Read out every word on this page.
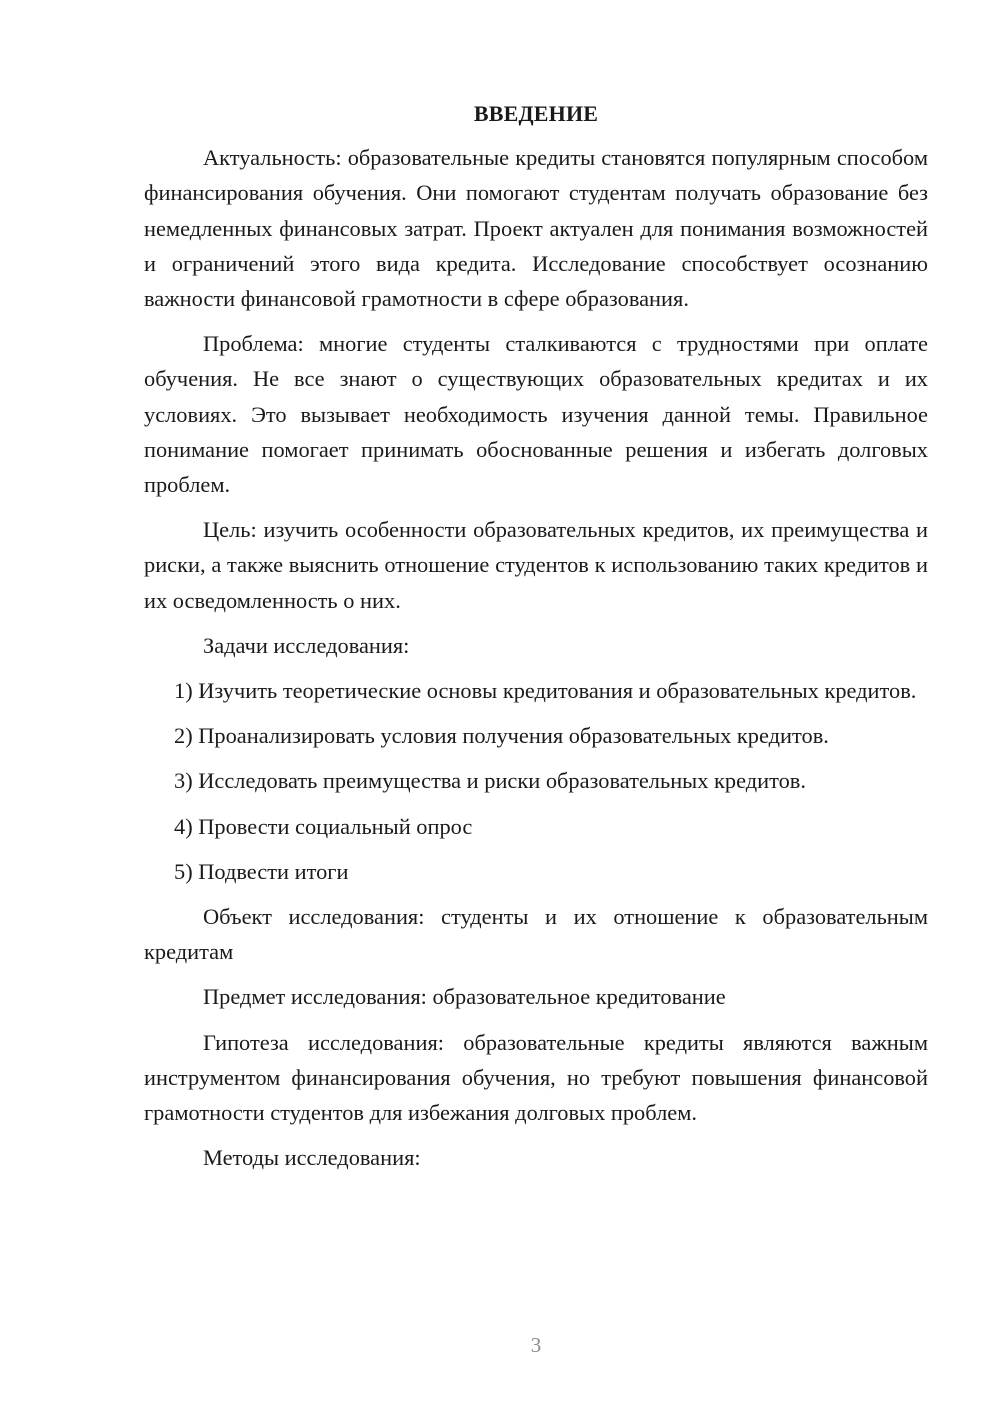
ВВЕДЕНИЕ

Актуальность: образовательные кредиты становятся популярным способом финансирования обучения. Они помогают студентам получать образование без немедленных финансовых затрат. Проект актуален для понимания возможностей и ограничений этого вида кредита. Исследование способствует осознанию важности финансовой грамотности в сфере образования.

Проблема: многие студенты сталкиваются с трудностями при оплате обучения. Не все знают о существующих образовательных кредитах и их условиях. Это вызывает необходимость изучения данной темы. Правильное понимание помогает принимать обоснованные решения и избегать долговых проблем.

Цель: изучить особенности образовательных кредитов, их преимущества и риски, а также выяснить отношение студентов к использованию таких кредитов и их осведомленность о них.

Задачи исследования:

1) Изучить теоретические основы кредитования и образовательных кредитов.

2) Проанализировать условия получения образовательных кредитов.

3) Исследовать преимущества и риски образовательных кредитов.

4) Провести социальный опрос

5) Подвести итоги

Объект исследования: студенты и их отношение к образовательным кредитам

Предмет исследования: образовательное кредитование

Гипотеза исследования: образовательные кредиты являются важным инструментом финансирования обучения, но требуют повышения финансовой грамотности студентов для избежания долговых проблем.

Методы исследования:

3
